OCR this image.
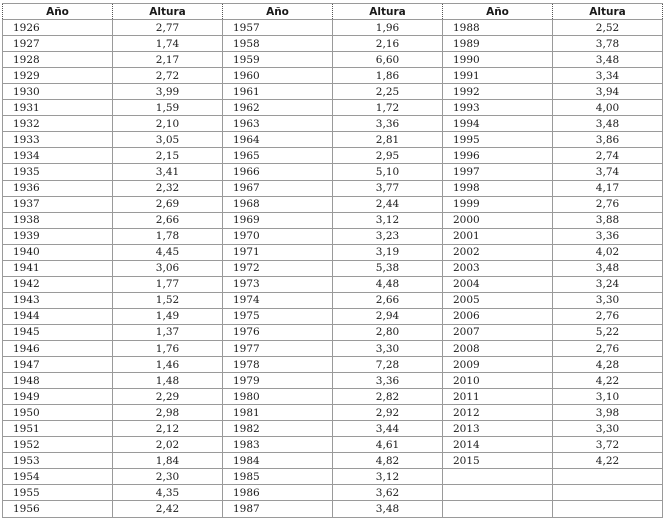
Año	Altura	Año	Altura	Año	Altura
1926	2,77	1957	1,96	1988	2,52
1927	1,74	1958	2,16	1989	3,78
1928	2,17	1959	6,60	1990	3,48
1929	2,72	1960	1,86	1991	3,34
1930	3,99	1961	2,25	1992	3,94
1931	1,59	1962	1,72	1993	4,00
1932	2,10	1963	3,36	1994	3,48
1933	3,05	1964	2,81	1995	3,86
1934	2,15	1965	2,95	1996	2,74
1935	3,41	1966	5,10	1997	3,74
1936	2,32	1967	3,77	1998	4,17
1937	2,69	1968	2,44	1999	2,76
1938	2,66	1969	3,12	2000	3,88
1939	1,78	1970	3,23	2001	3,36
1940	4,45	1971	3,19	2002	4,02
1941	3,06	1972	5,38	2003	3,48
1942	1,77	1973	4,48	2004	3,24
1943	1,52	1974	2,66	2005	3,30
1944	1,49	1975	2,94	2006	2,76
1945	1,37	1976	2,80	2007	5,22
1946	1,76	1977	3,30	2008	2,76
1947	1,46	1978	7,28	2009	4,28
1948	1,48	1979	3,36	2010	4,22
1949	2,29	1980	2,82	2011	3,10
1950	2,98	1981	2,92	2012	3,98
1951	2,12	1982	3,44	2013	3,30
1952	2,02	1983	4,61	2014	3,72
1953	1,84	1984	4,82	2015	4,22
1954	2,30	1985	3,12		
1955	4,35	1986	3,62		
1956	2,42	1987	3,48		
